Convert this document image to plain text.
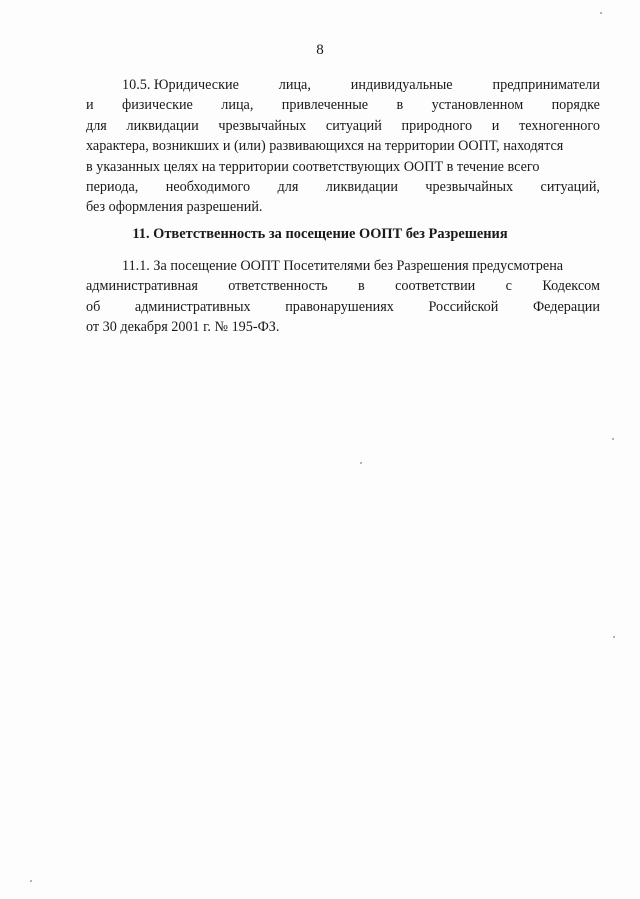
8
10.5. Юридические	лица,	индивидуальные	предприниматели
и физические лица, привлеченные в установленном порядке
для ликвидации чрезвычайных ситуаций природного и техногенного
характера, возникших и (или) развивающихся на территории ООПТ, находятся
в указанных целях на территории соответствующих ООПТ в течение всего
периода, необходимого для ликвидации чрезвычайных ситуаций,
без оформления разрешений.
11. Ответственность за посещение ООПТ без Разрешения
11.1. За посещение ООПТ Посетителями без Разрешения предусмотрена
административная ответственность в соответствии с Кодексом
об административных правонарушениях Российской Федерации
от 30 декабря 2001 г. № 195-ФЗ.
